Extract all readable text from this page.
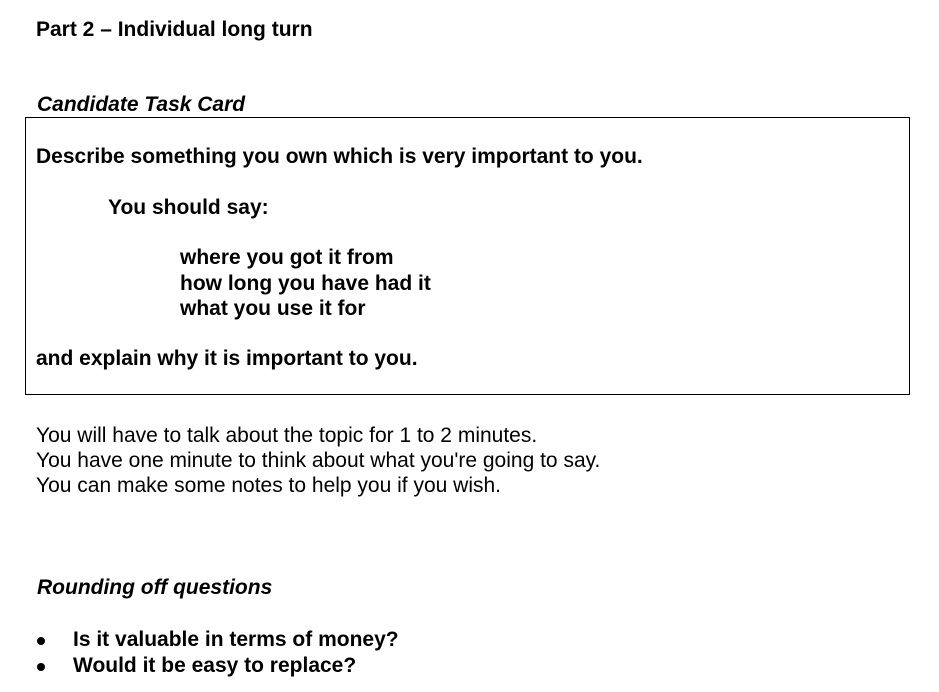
Part 2 – Individual long turn
Candidate Task Card
Describe something you own which is very important to you.
You should say:
where you got it from
how long you have had it
what you use it for
and explain why it is important to you.
You will have to talk about the topic for 1 to 2 minutes.
You have one minute to think about what you're going to say.
You can make some notes to help you if you wish.
Rounding off questions
Is it valuable in terms of money?
Would it be easy to replace?
